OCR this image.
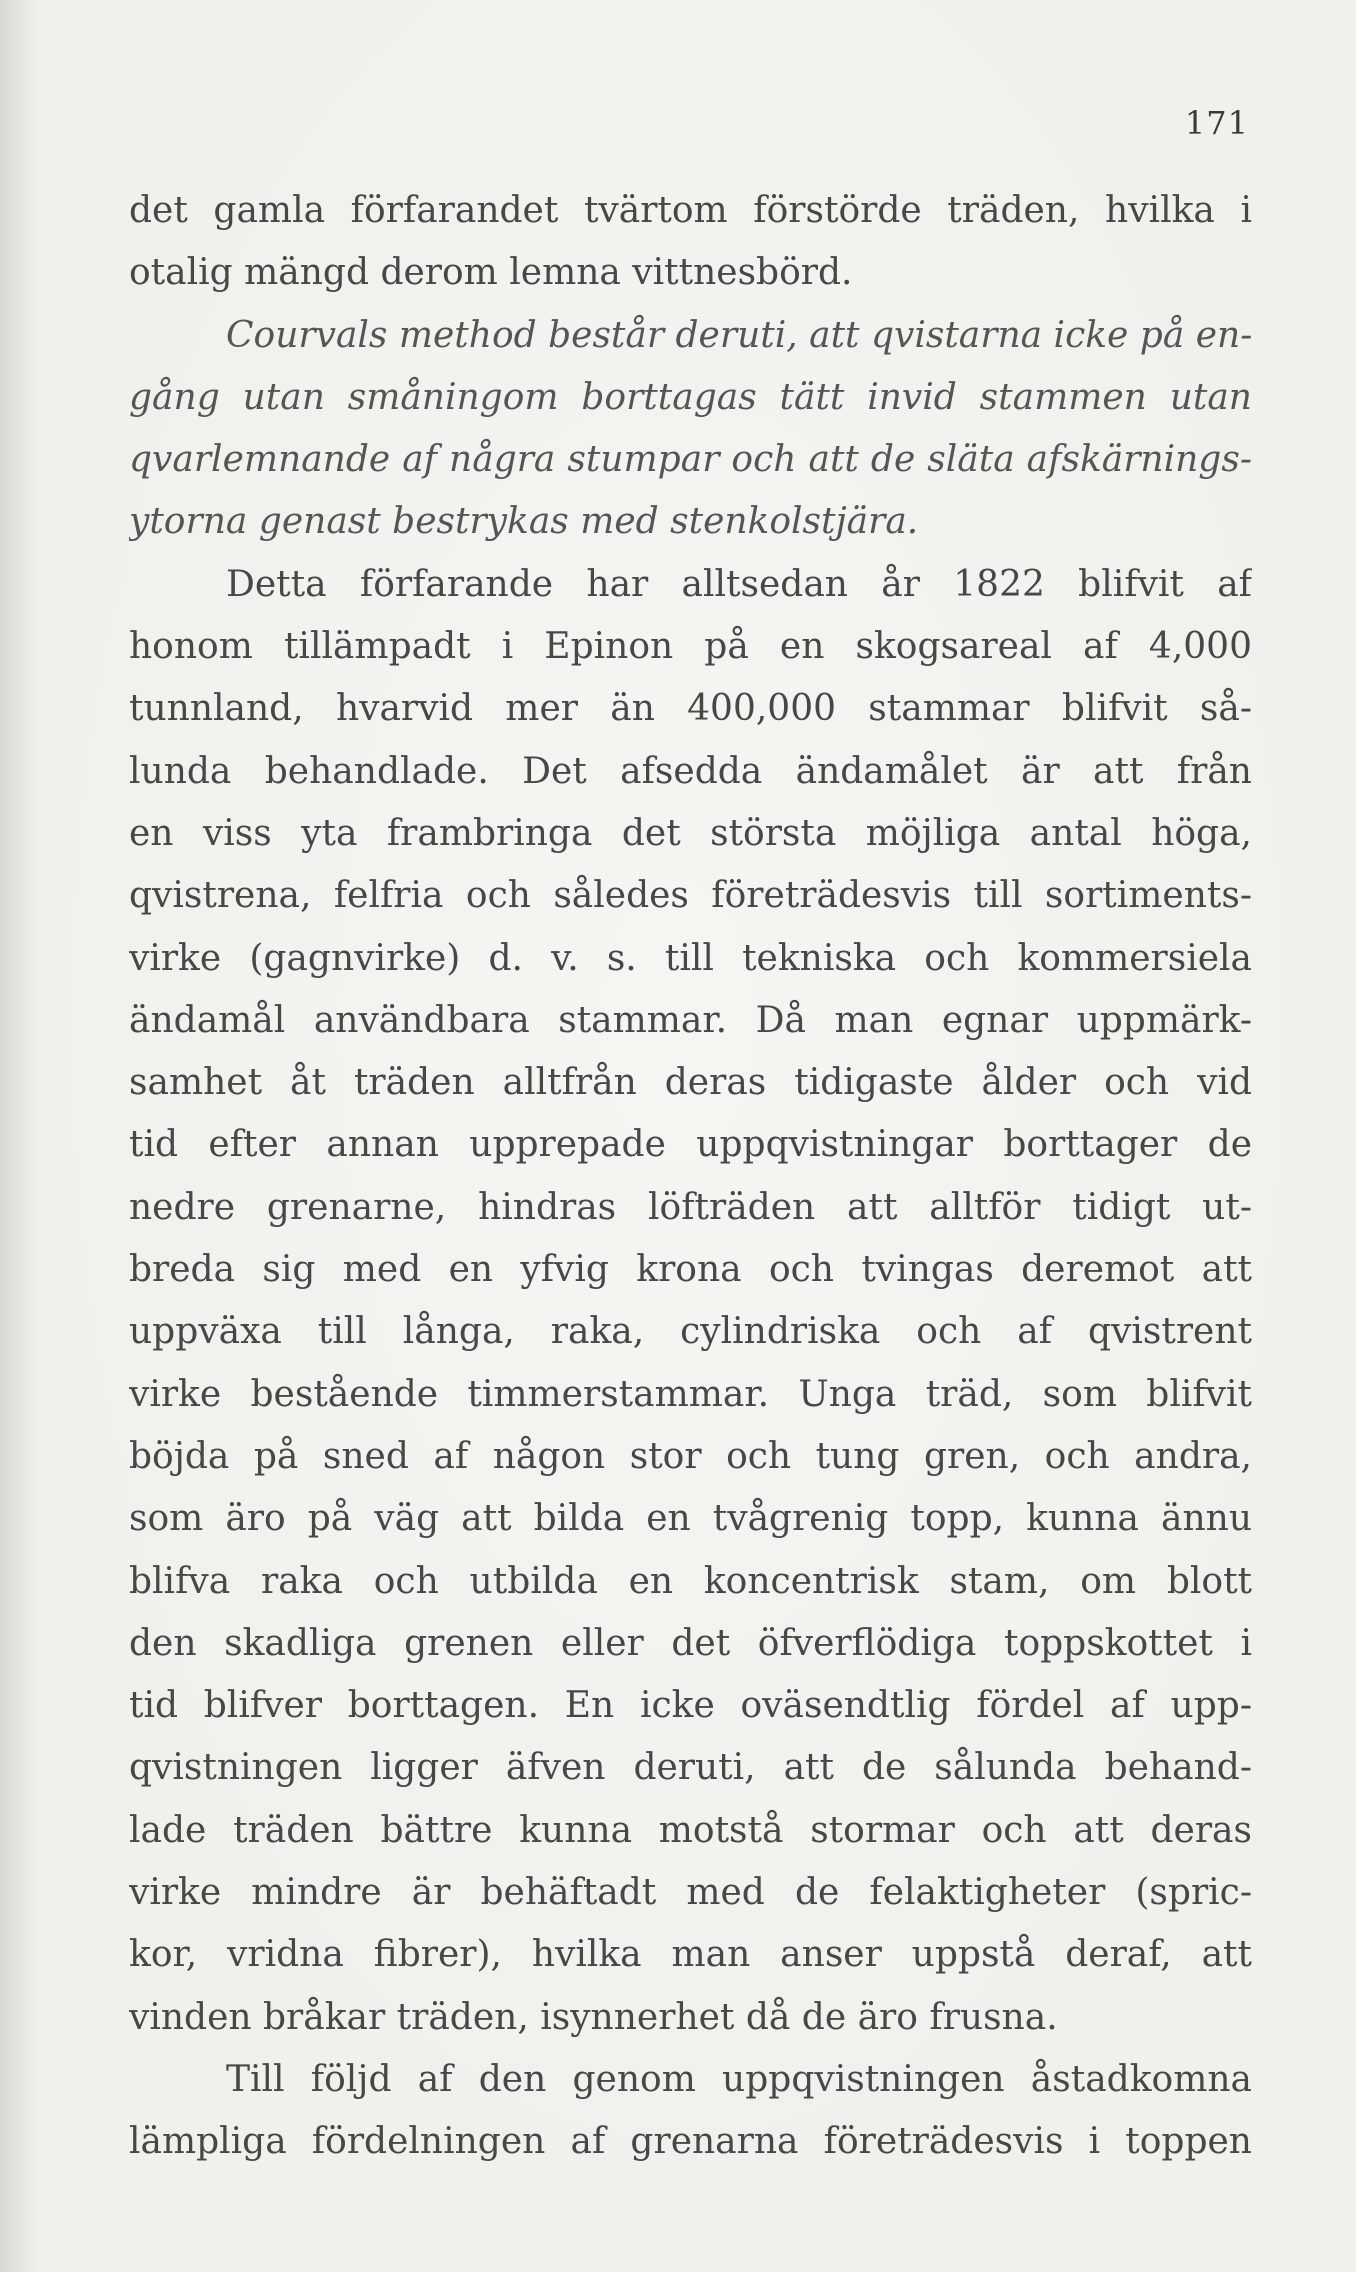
171
det gamla förfarandet tvärtom förstörde träden, hvilka i
otalig mängd derom lemna vittnesbörd.
Courvals method består deruti, att qvistarna icke på en-
gång utan småningom borttagas tätt invid stammen utan
qvarlemnande af några stumpar och att de släta afskärnings-
ytorna genast bestrykas med stenkolstjära.
Detta förfarande har alltsedan år 1822 blifvit af
honom tillämpadt i Epinon på en skogsareal af 4,000
tunnland, hvarvid mer än 400,000 stammar blifvit så-
lunda behandlade. Det afsedda ändamålet är att från
en viss yta frambringa det största möjliga antal höga,
qvistrena, felfria och således företrädesvis till sortiments-
virke (gagnvirke) d. v. s. till tekniska och kommersiela
ändamål användbara stammar. Då man egnar uppmärk-
samhet åt träden alltfrån deras tidigaste ålder och vid
tid efter annan upprepade uppqvistningar borttager de
nedre grenarne, hindras löfträden att alltför tidigt ut-
breda sig med en yfvig krona och tvingas deremot att
uppväxa till långa, raka, cylindriska och af qvistrent
virke bestående timmerstammar. Unga träd, som blifvit
böjda på sned af någon stor och tung gren, och andra,
som äro på väg att bilda en tvågrenig topp, kunna ännu
blifva raka och utbilda en koncentrisk stam, om blott
den skadliga grenen eller det öfverflödiga toppskottet i
tid blifver borttagen. En icke oväsendtlig fördel af upp-
qvistningen ligger äfven deruti, att de sålunda behand-
lade träden bättre kunna motstå stormar och att deras
virke mindre är behäftadt med de felaktigheter (spric-
kor, vridna fibrer), hvilka man anser uppstå deraf, att
vinden bråkar träden, isynnerhet då de äro frusna.
Till följd af den genom uppqvistningen åstadkomna
lämpliga fördelningen af grenarna företrädesvis i toppen
